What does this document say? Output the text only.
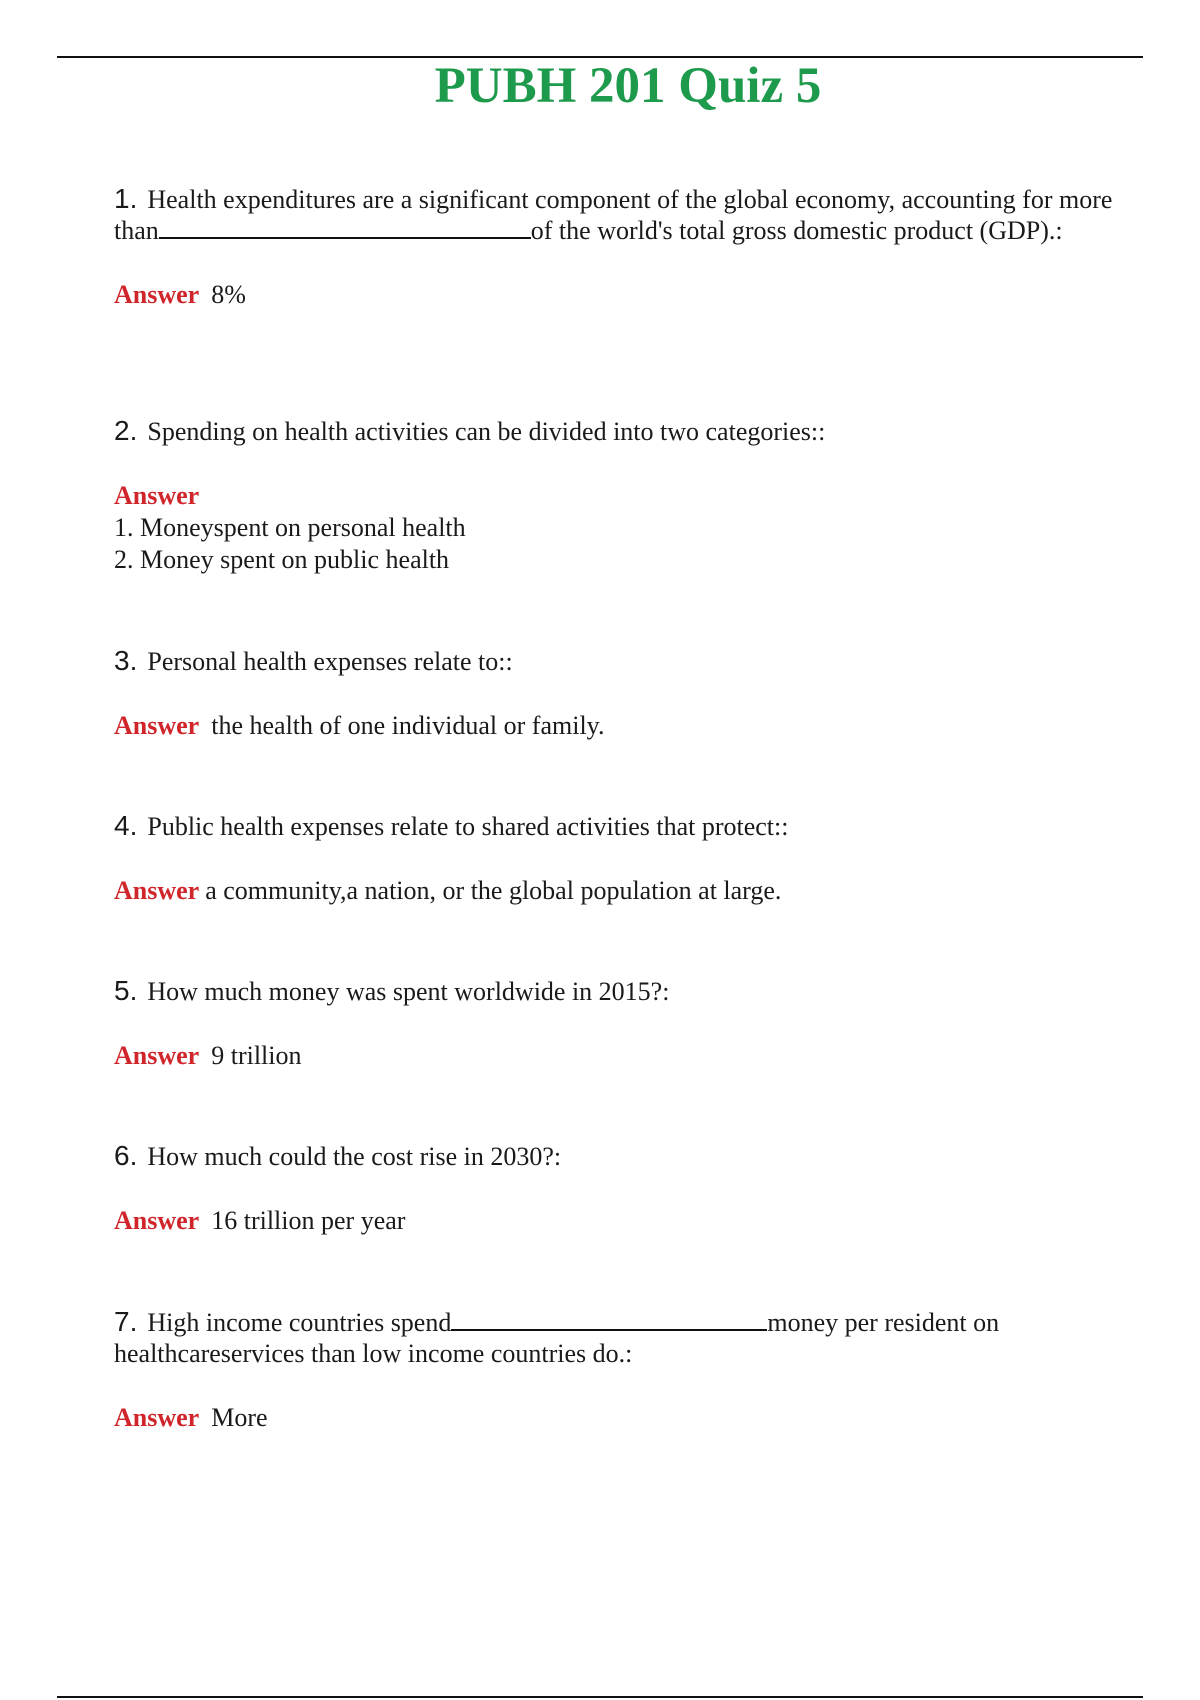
PUBH 201 Quiz 5

1. Health expenditures are a significant component of the global economy, accounting for more than	of the world's total gross domestic product (GDP).:

Answer 8%

2. Spending on health activities can be divided into two categories::

Answer
1. Moneyspent on personal health
2. Money spent on public health

3. Personal health expenses relate to::

Answer the health of one individual or family.

4. Public health expenses relate to shared activities that protect::

Answer a community,a nation, or the global population at large.

5. How much money was spent worldwide in 2015?:

Answer 9 trillion

6. How much could the cost rise in 2030?:

Answer 16 trillion per year

7. High income countries spend	money per resident on healthcareservices than low income countries do.:

Answer More
